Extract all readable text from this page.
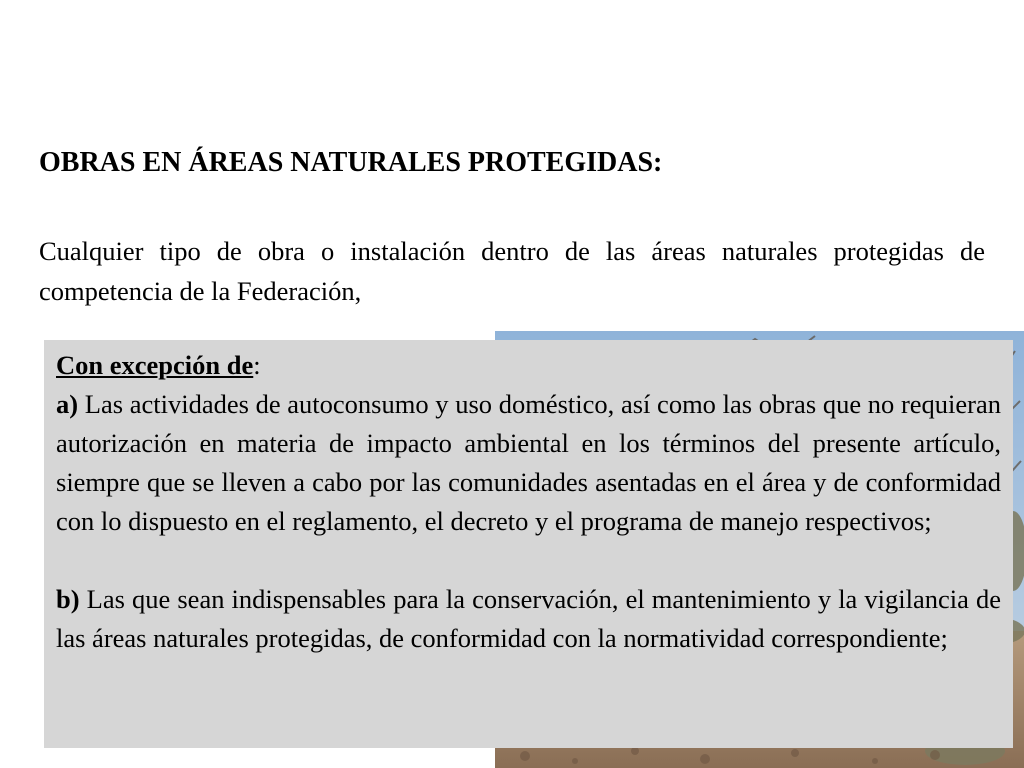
OBRAS EN ÁREAS NATURALES PROTEGIDAS:

Cualquier tipo de obra o instalación dentro de las áreas naturales protegidas de competencia de la Federación,

Con excepción de:

a) Las actividades de autoconsumo y uso doméstico, así como las obras que no requieran autorización en materia de impacto ambiental en los términos del presente artículo, siempre que se lleven a cabo por las comunidades asentadas en el área y de conformidad con lo dispuesto en el reglamento, el decreto y el programa de manejo respectivos;

b) Las que sean indispensables para la conservación, el mantenimiento y la vigilancia de las áreas naturales protegidas, de conformidad con la normatividad correspondiente;
